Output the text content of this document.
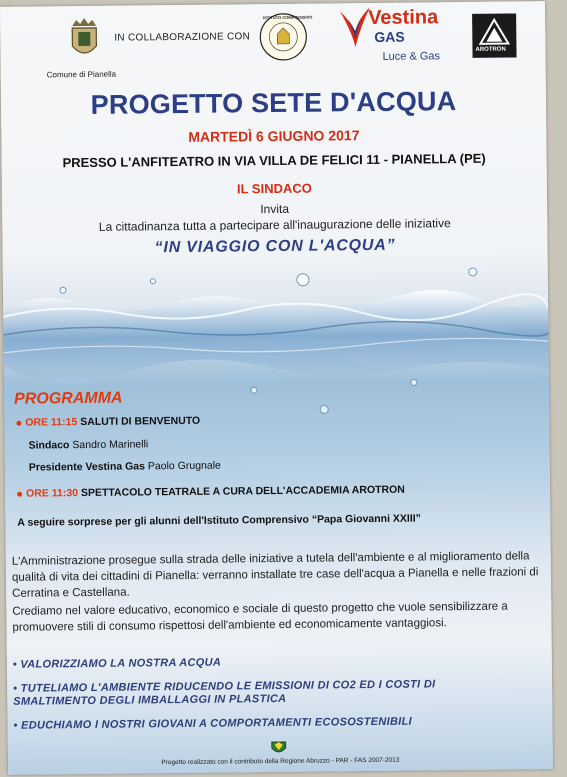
Comune di Pianella
IN COLLABORAZIONE CON
ISTITUTO COMPRENSIVO	Vestina
GAS
Luce & Gas
AROTRON
PROGETTO SETE D'ACQUA
MARTEDÌ 6 GIUGNO 2017
PRESSO L'ANFITEATRO IN VIA VILLA DE FELICI 11 - PIANELLA (PE)
IL SINDACO
Invita
La cittadinanza tutta a partecipare all'inaugurazione delle iniziative
“IN VIAGGIO CON L'ACQUA”
PROGRAMMA
ORE 11:15 SALUTI DI BENVENUTO
Sindaco Sandro Marinelli
Presidente Vestina Gas Paolo Grugnale
ORE 11:30 SPETTACOLO TEATRALE A CURA DELL'ACCADEMIA AROTRON
A seguire sorprese per gli alunni dell'Istituto Comprensivo “Papa Giovanni XXIII”
L'Amministrazione prosegue sulla strada delle iniziative a tutela dell'ambiente e al miglioramento della qualità di vita dei cittadini di Pianella: verranno installate tre case dell'acqua a Pianella e nelle frazioni di Cerratina e Castellana.
Crediamo nel valore educativo, economico e sociale di questo progetto che vuole sensibilizzare a promuovere stili di consumo rispettosi dell'ambiente ed economicamente vantaggiosi.
• VALORIZZIAMO LA NOSTRA ACQUA
• TUTELIAMO L'AMBIENTE RIDUCENDO LE EMISSIONI DI CO2 ED I COSTI DI SMALTIMENTO DEGLI IMBALLAGGI IN PLASTICA
• EDUCHIAMO I NOSTRI GIOVANI A COMPORTAMENTI ECOSOSTENIBILI
Progetto realizzato con il contributo della Regione Abruzzo - PAR - FAS 2007-2013
